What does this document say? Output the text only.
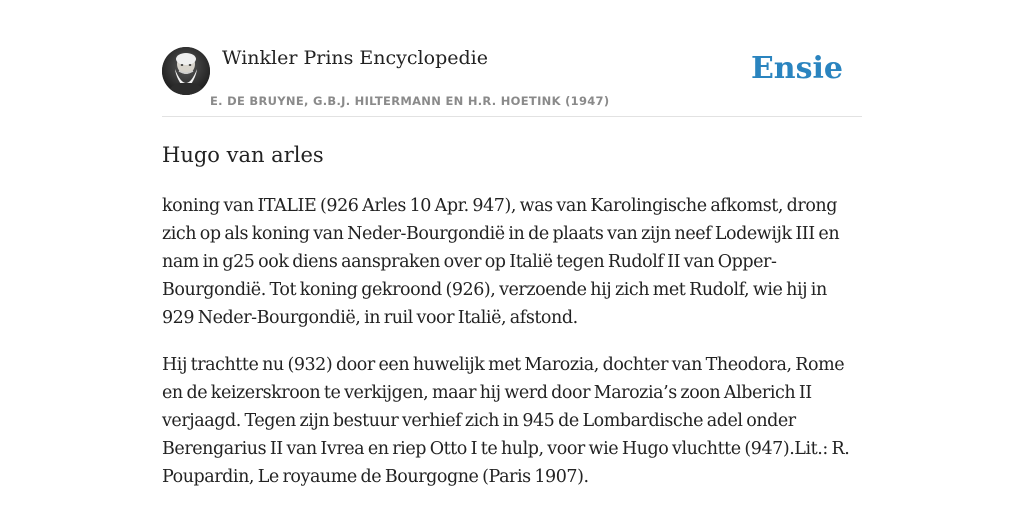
Winkler Prins Encyclopedie
E. DE BRUYNE, G.B.J. HILTERMANN EN H.R. HOETINK (1947)
Ensie
Hugo van arles

koning van ITALIE (926 Arles 10 Apr. 947), was van Karolingische afkomst, drong zich op als koning van Neder-Bourgondië in de plaats van zijn neef Lodewijk III en nam in g25 ook diens aanspraken over op Italië tegen Rudolf II van Opper-Bourgondië. Tot koning gekroond (926), verzoende hij zich met Rudolf, wie hij in 929 Neder-Bourgondië, in ruil voor Italië, afstond.

Hij trachtte nu (932) door een huwelijk met Marozia, dochter van Theodora, Rome en de keizerskroon te verkijgen, maar hij werd door Marozia’s zoon Alberich II verjaagd. Tegen zijn bestuur verhief zich in 945 de Lombardische adel onder Berengarius II van Ivrea en riep Otto I te hulp, voor wie Hugo vluchtte (947).Lit.: R. Poupardin, Le royaume de Bourgogne (Paris 1907).
